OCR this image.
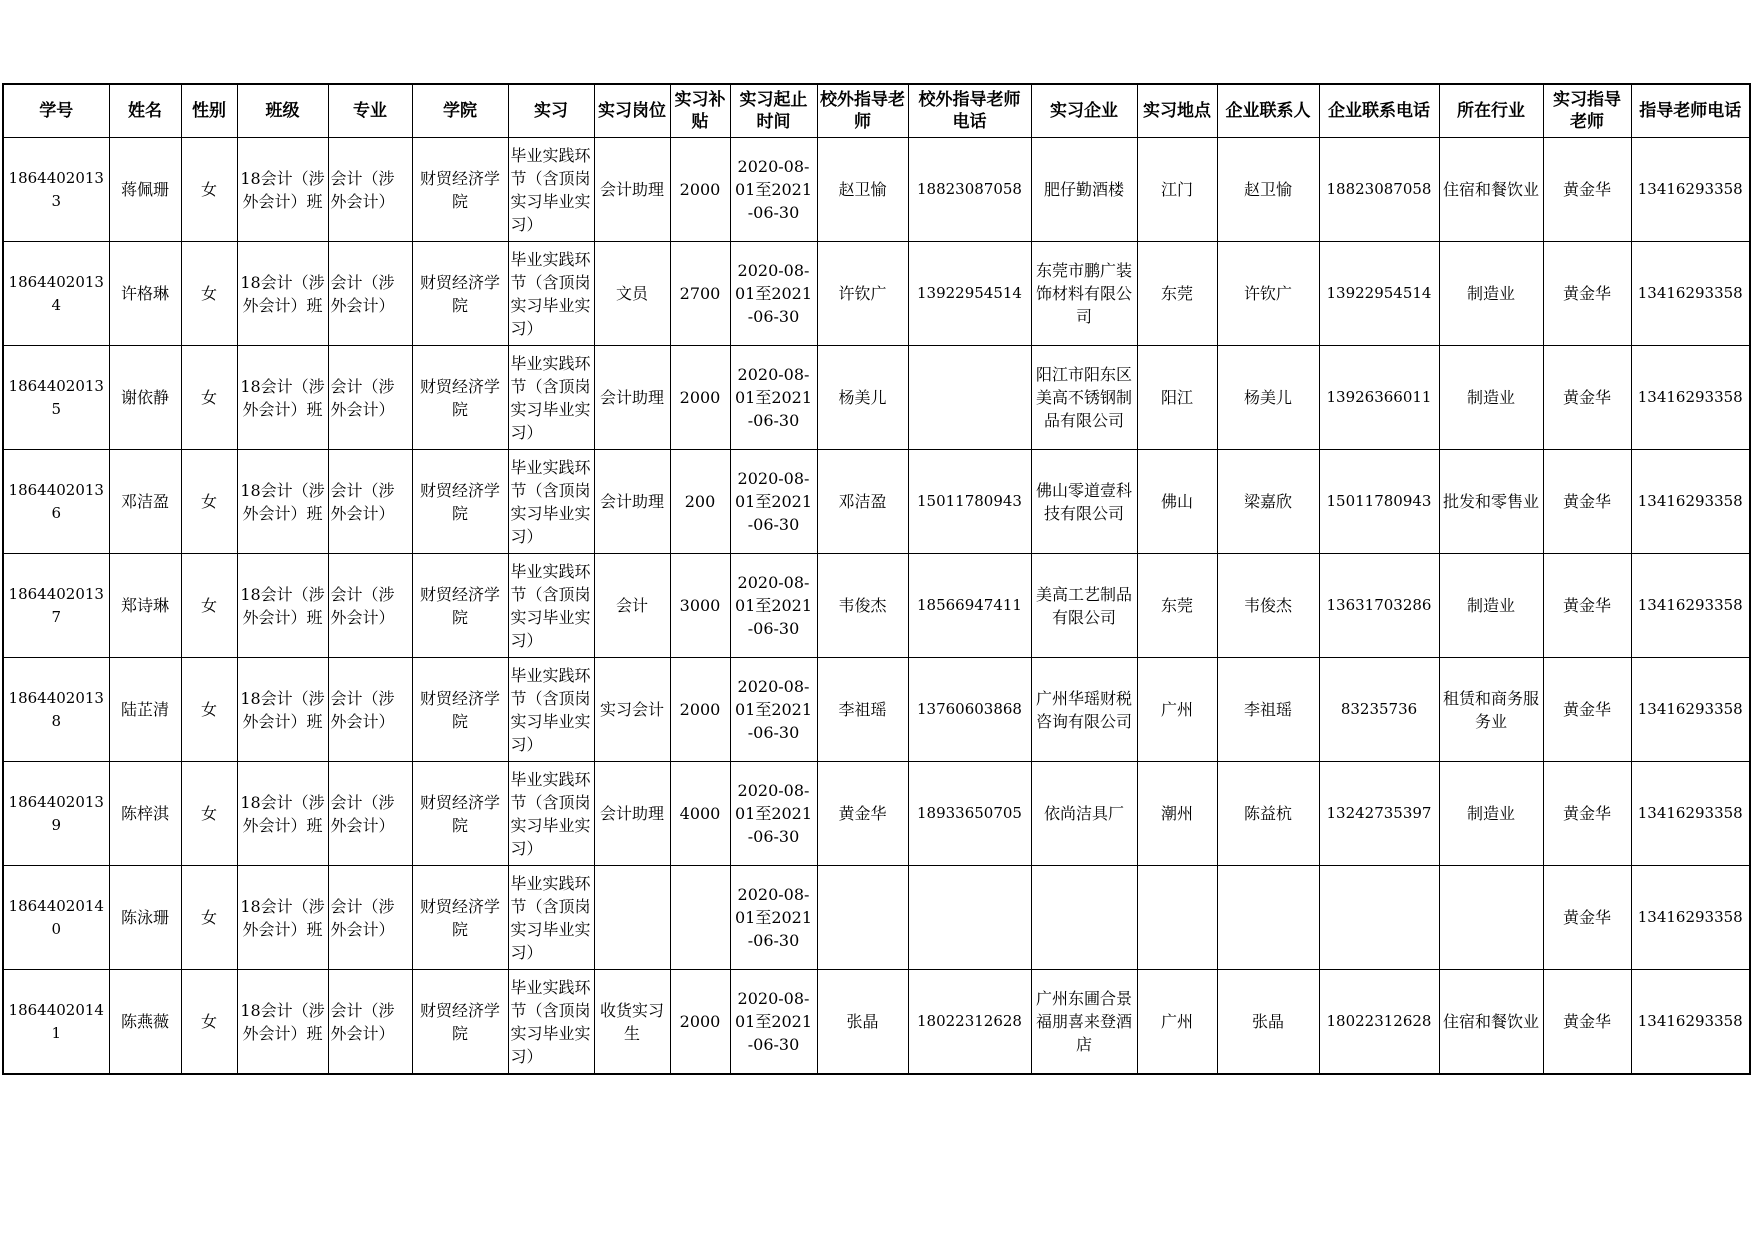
学号	姓名	性别	班级	专业	学院	实习	实习岗位	实习补贴	实习起止时间	校外指导老师	校外指导老师电话	实习企业	实习地点	企业联系人	企业联系电话	所在行业	实习指导老师	指导老师电话

18644020133	蒋佩珊	女	18会计（涉外会计）班	会计（涉外会计）	财贸经济学院	毕业实践环节（含顶岗实习毕业实习）	会计助理	2000	2020-08-01至2021-06-30	赵卫愉	18823087058	肥仔勤酒楼	江门	赵卫愉	18823087058	住宿和餐饮业	黄金华	13416293358

18644020134	许格琳	女	18会计（涉外会计）班	会计（涉外会计）	财贸经济学院	毕业实践环节（含顶岗实习毕业实习）	文员	2700	2020-08-01至2021-06-30	许钦广	13922954514	东莞市鹏广装饰材料有限公司	东莞	许钦广	13922954514	制造业	黄金华	13416293358

18644020135	谢依静	女	18会计（涉外会计）班	会计（涉外会计）	财贸经济学院	毕业实践环节（含顶岗实习毕业实习）	会计助理	2000	2020-08-01至2021-06-30	杨美儿		阳江市阳东区美高不锈钢制品有限公司	阳江	杨美儿	13926366011	制造业	黄金华	13416293358

18644020136	邓洁盈	女	18会计（涉外会计）班	会计（涉外会计）	财贸经济学院	毕业实践环节（含顶岗实习毕业实习）	会计助理	200	2020-08-01至2021-06-30	邓洁盈	15011780943	佛山零道壹科技有限公司	佛山	梁嘉欣	15011780943	批发和零售业	黄金华	13416293358

18644020137	郑诗琳	女	18会计（涉外会计）班	会计（涉外会计）	财贸经济学院	毕业实践环节（含顶岗实习毕业实习）	会计	3000	2020-08-01至2021-06-30	韦俊杰	18566947411	美高工艺制品有限公司	东莞	韦俊杰	13631703286	制造业	黄金华	13416293358

18644020138	陆芷清	女	18会计（涉外会计）班	会计（涉外会计）	财贸经济学院	毕业实践环节（含顶岗实习毕业实习）	实习会计	2000	2020-08-01至2021-06-30	李祖瑶	13760603868	广州华瑶财税咨询有限公司	广州	李祖瑶	83235736	租赁和商务服务业	黄金华	13416293358

18644020139	陈梓淇	女	18会计（涉外会计）班	会计（涉外会计）	财贸经济学院	毕业实践环节（含顶岗实习毕业实习）	会计助理	4000	2020-08-01至2021-06-30	黄金华	18933650705	依尚洁具厂	潮州	陈益杭	13242735397	制造业	黄金华	13416293358

18644020140	陈泳珊	女	18会计（涉外会计）班	会计（涉外会计）	财贸经济学院	毕业实践环节（含顶岗实习毕业实习）			2020-08-01至2021-06-30								黄金华	13416293358

18644020141	陈燕薇	女	18会计（涉外会计）班	会计（涉外会计）	财贸经济学院	毕业实践环节（含顶岗实习毕业实习）	收货实习生	2000	2020-08-01至2021-06-30	张晶	18022312628	广州东圃合景福朋喜来登酒店	广州	张晶	18022312628	住宿和餐饮业	黄金华	13416293358
